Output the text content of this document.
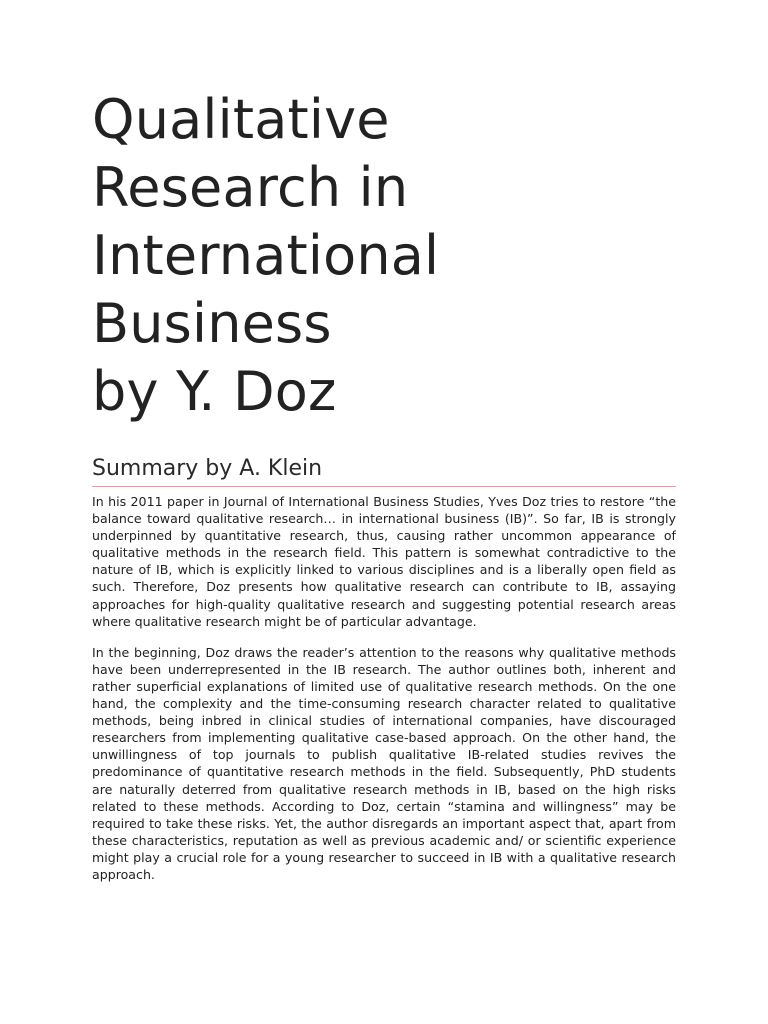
Qualitative
Research in
International
Business
by Y. Doz
Summary by A. Klein

In his 2011 paper in Journal of International Business Studies, Yves Doz tries to restore “the balance toward qualitative research… in international business (IB)”. So far, IB is strongly underpinned by quantitative research, thus, causing rather uncommon appearance of qualitative methods in the research field. This pattern is somewhat contradictive to the nature of IB, which is explicitly linked to various disciplines and is a liberally open field as such. Therefore, Doz presents how qualitative research can contribute to IB, assaying approaches for high-quality qualitative research and suggesting potential research areas where qualitative research might be of particular advantage.

In the beginning, Doz draws the reader’s attention to the reasons why qualitative methods have been underrepresented in the IB research. The author outlines both, inherent and rather superficial explanations of limited use of qualitative research methods. On the one hand, the complexity and the time-consuming research character related to qualitative methods, being inbred in clinical studies of international companies, have discouraged researchers from implementing qualitative case-based approach. On the other hand, the unwillingness of top journals to publish qualitative IB-related studies revives the predominance of quantitative research methods in the field. Subsequently, PhD students are naturally deterred from qualitative research methods in IB, based on the high risks related to these methods. According to Doz, certain “stamina and willingness” may be required to take these risks. Yet, the author disregards an important aspect that, apart from these characteristics, reputation as well as previous academic and/ or scientific experience might play a crucial role for a young researcher to succeed in IB with a qualitative research approach.
